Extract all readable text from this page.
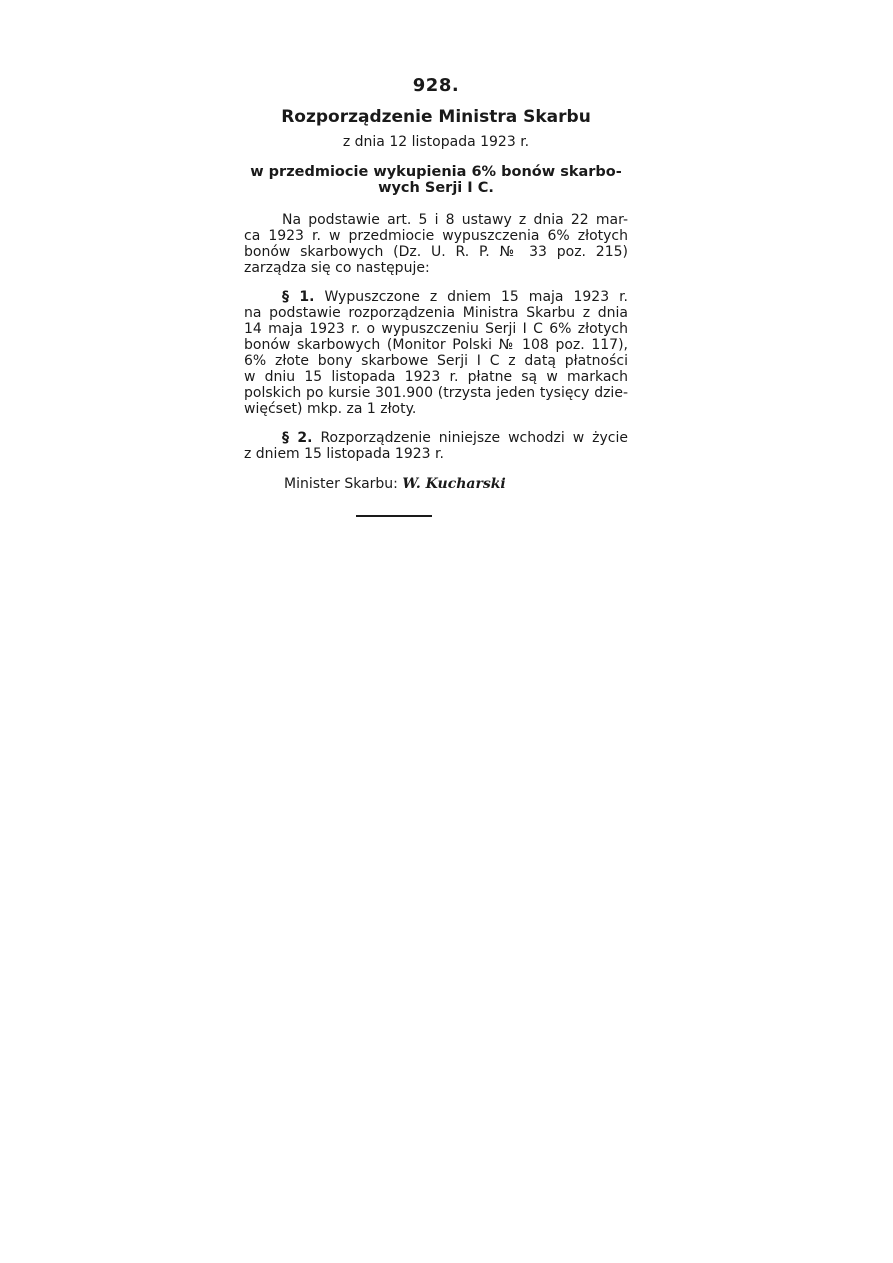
928.
Rozporządzenie Ministra Skarbu
z dnia 12 listopada 1923 r.
w przedmiocie wykupienia 6% bonów skarbo-
wych Serji I C.
Na podstawie art. 5 i 8 ustawy z dnia 22 mar-
ca 1923 r. w przedmiocie wypuszczenia 6% złotych
bonów skarbowych (Dz. U. R. P. № 33 poz. 215)
zarządza się co następuje:
§ 1. Wypuszczone z dniem 15 maja 1923 r.
na podstawie rozporządzenia Ministra Skarbu z dnia
14 maja 1923 r. o wypuszczeniu Serji I C 6% złotych
bonów skarbowych (Monitor Polski № 108 poz. 117),
6% złote bony skarbowe Serji I C z datą płatności
w dniu 15 listopada 1923 r. płatne są w markach
polskich po kursie 301.900 (trzysta jeden tysięcy dzie-
więćset) mkp. za 1 złoty.
§ 2. Rozporządzenie niniejsze wchodzi w życie
z dniem 15 listopada 1923 r.
Minister Skarbu: W. Kucharski
